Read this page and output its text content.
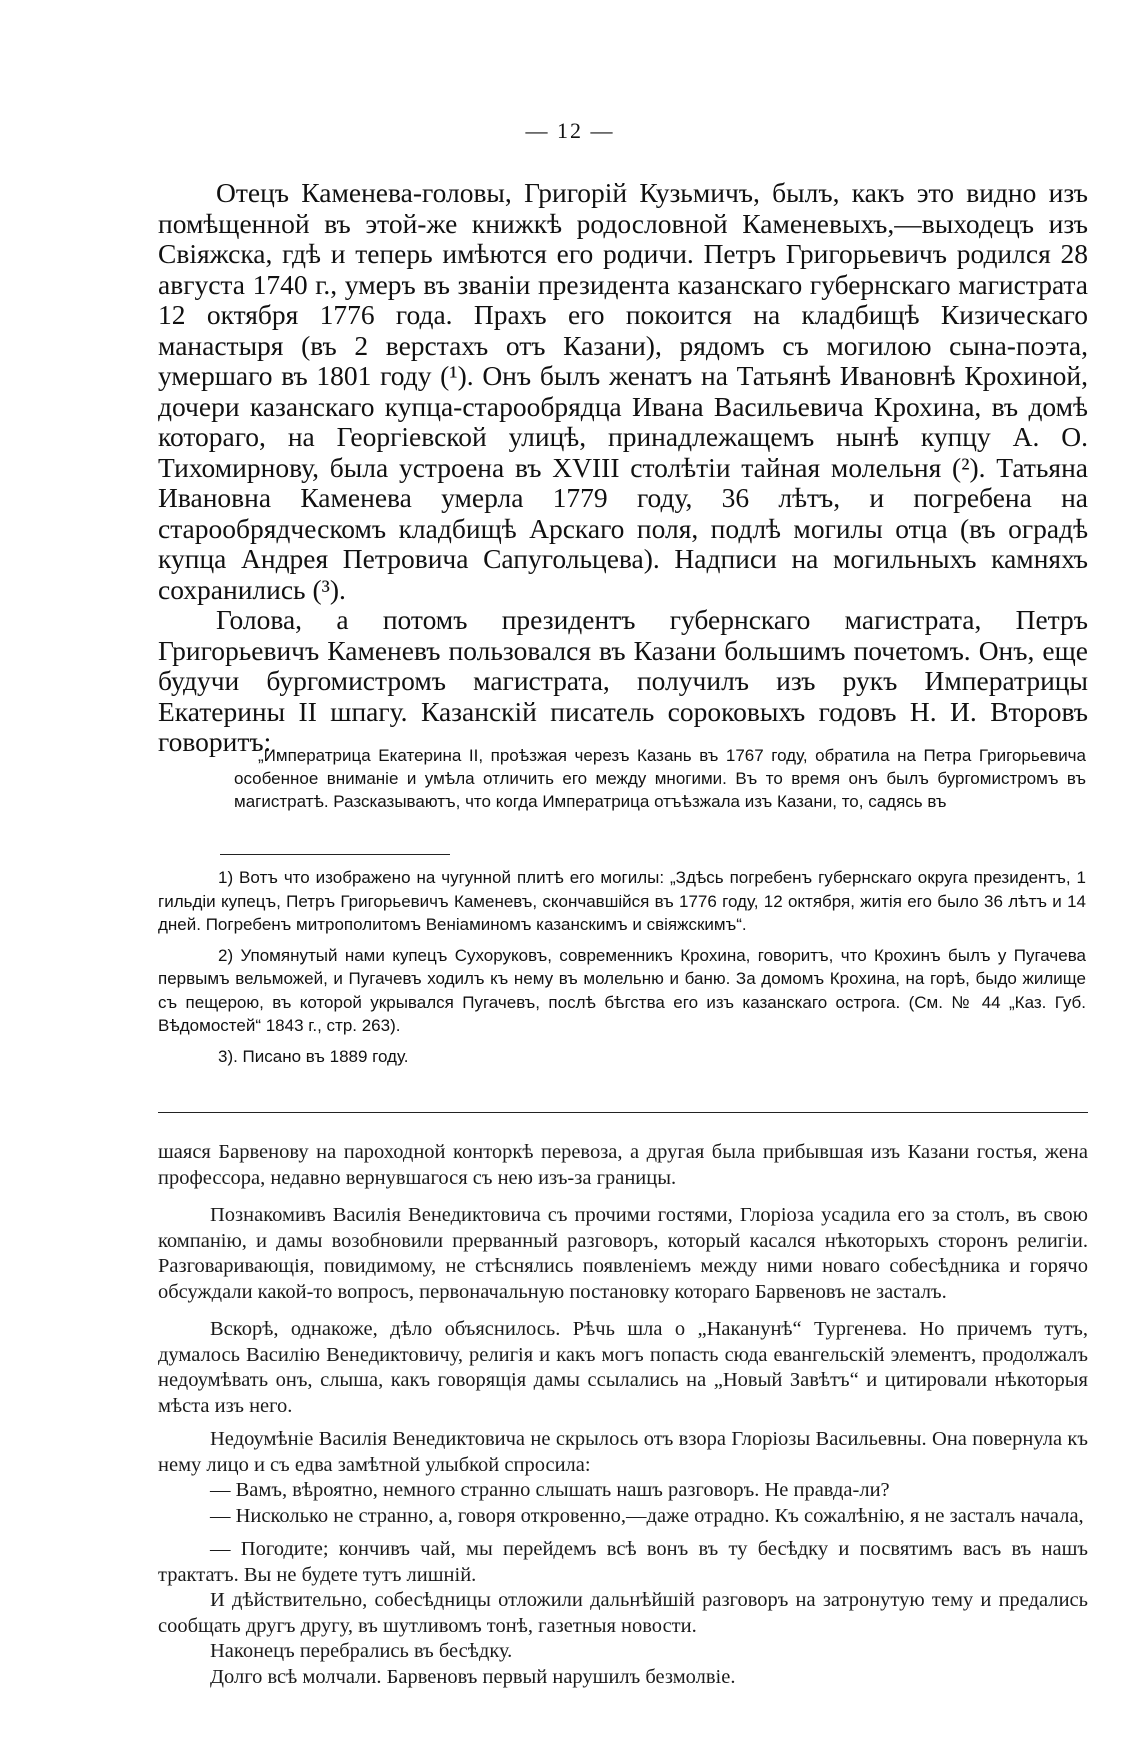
— 12 —

Отецъ Каменева-головы, Григорій Кузьмичъ, былъ, какъ это видно изъ помѣщенной въ этой-же книжкѣ родословной Каменевыхъ,—выходецъ изъ Свіяжска, гдѣ и теперь имѣются его родичи. Петръ Григорьевичъ родился 28 августа 1740 г., умеръ въ званіи президента казанскаго губернскаго магистрата 12 октября 1776 года. Прахъ его покоится на кладбищѣ Кизическаго манастыря (въ 2 верстахъ отъ Казани), рядомъ съ могилою сына-поэта, умершаго въ 1801 году (¹). Онъ былъ женатъ на Татьянѣ Ивановнѣ Крохиной, дочери казанскаго купца-старообрядца Ивана Васильевича Крохина, въ домѣ котораго, на Георгіевской улицѣ, принадлежащемъ нынѣ купцу А. О. Тихомирнову, была устроена въ XVIII столѣтіи тайная молельня (²). Татьяна Ивановна Каменева умерла 1779 году, 36 лѣтъ, и погребена на старообрядческомъ кладбищѣ Арскаго поля, подлѣ могилы отца (въ оградѣ купца Андрея Петровича Сапугольцева). Надписи на могильныхъ камняхъ сохранились (³).

Голова, а потомъ президентъ губернскаго магистрата, Петръ Григорьевичъ Каменевъ пользовался въ Казани большимъ почетомъ. Онъ, еще будучи бургомистромъ магистрата, получилъ изъ рукъ Императрицы Екатерины II шпагу. Казанскій писатель сороковыхъ годовъ Н. И. Второвъ говоритъ:

„Императрица Екатерина II, проѣзжая черезъ Казань въ 1767 году, обратила на Петра Григорьевича особенное вниманіе и умѣла отличить его между многими. Въ то время онъ былъ бургомистромъ въ магистратѣ. Разсказываютъ, что когда Императрица отъѣзжала изъ Казани, то, садясь въ

1) Вотъ что изображено на чугунной плитѣ его могилы: „Здѣсь погребенъ губернскаго округа президентъ, 1 гильдіи купецъ, Петръ Григорьевичъ Каменевъ, скончавшійся въ 1776 году, 12 октября, житія его было 36 лѣтъ и 14 дней. Погребенъ митрополитомъ Веніаминомъ казанскимъ и свіяжскимъ“.

2) Упомянутый нами купецъ Сухоруковъ, современникъ Крохина, говоритъ, что Крохинъ былъ у Пугачева первымъ вельможей, и Пугачевъ ходилъ къ нему въ молельню и баню. За домомъ Крохина, на горѣ, быдо жилище съ пещерою, въ которой укрывался Пугачевъ, послѣ бѣгства его изъ казанскаго острога. (См. № 44 „Каз. Губ. Вѣдомостей“ 1843 г., стр. 263).

3). Писано въ 1889 году.

шаяся Барвенову на пароходной конторкѣ перевоза, а другая была прибывшая изъ Казани гостья, жена профессора, недавно вернувшагося съ нею изъ-за границы.

Познакомивъ Василія Венедиктовича съ прочими гостями, Глоріоза усадила его за столъ, въ свою компанію, и дамы возобновили прерванный разговоръ, который касался нѣкоторыхъ сторонъ религіи. Разговаривающія, повидимому, не стѣснялись появленіемъ между ними новаго собесѣдника и горячо обсуждали какой-то вопросъ, первоначальную постановку котораго Барвеновъ не засталъ.

Вскорѣ, однакоже, дѣло объяснилось. Рѣчь шла о „Наканунѣ“ Тургенева. Но причемъ тутъ, думалось Василію Венедиктовичу, религія и какъ могъ попасть сюда евангельскій элементъ, продолжалъ недоумѣвать онъ, слыша, какъ говорящія дамы ссылались на „Новый Завѣтъ“ и цитировали нѣкоторыя мѣста изъ него.

Недоумѣніе Василія Венедиктовича не скрылось отъ взора Глоріозы Васильевны. Она повернула къ нему лицо и съ едва замѣтной улыбкой спросила:

— Вамъ, вѣроятно, немного странно слышать нашъ разговоръ. Не правда-ли?

— Нисколько не странно, а, говоря откровенно,—даже отрадно. Къ сожалѣнію, я не засталъ начала,

— Погодите; кончивъ чай, мы перейдемъ всѣ вонъ въ ту бесѣдку и посвятимъ васъ въ нашъ трактатъ. Вы не будете тутъ лишній.

И дѣйствительно, собесѣдницы отложили дальнѣйшій разговоръ на затронутую тему и предались сообщать другъ другу, въ шутливомъ тонѣ, газетныя новости.

Наконецъ перебрались въ бесѣдку.

Долго всѣ молчали. Барвеновъ первый нарушилъ безмолвіе.
